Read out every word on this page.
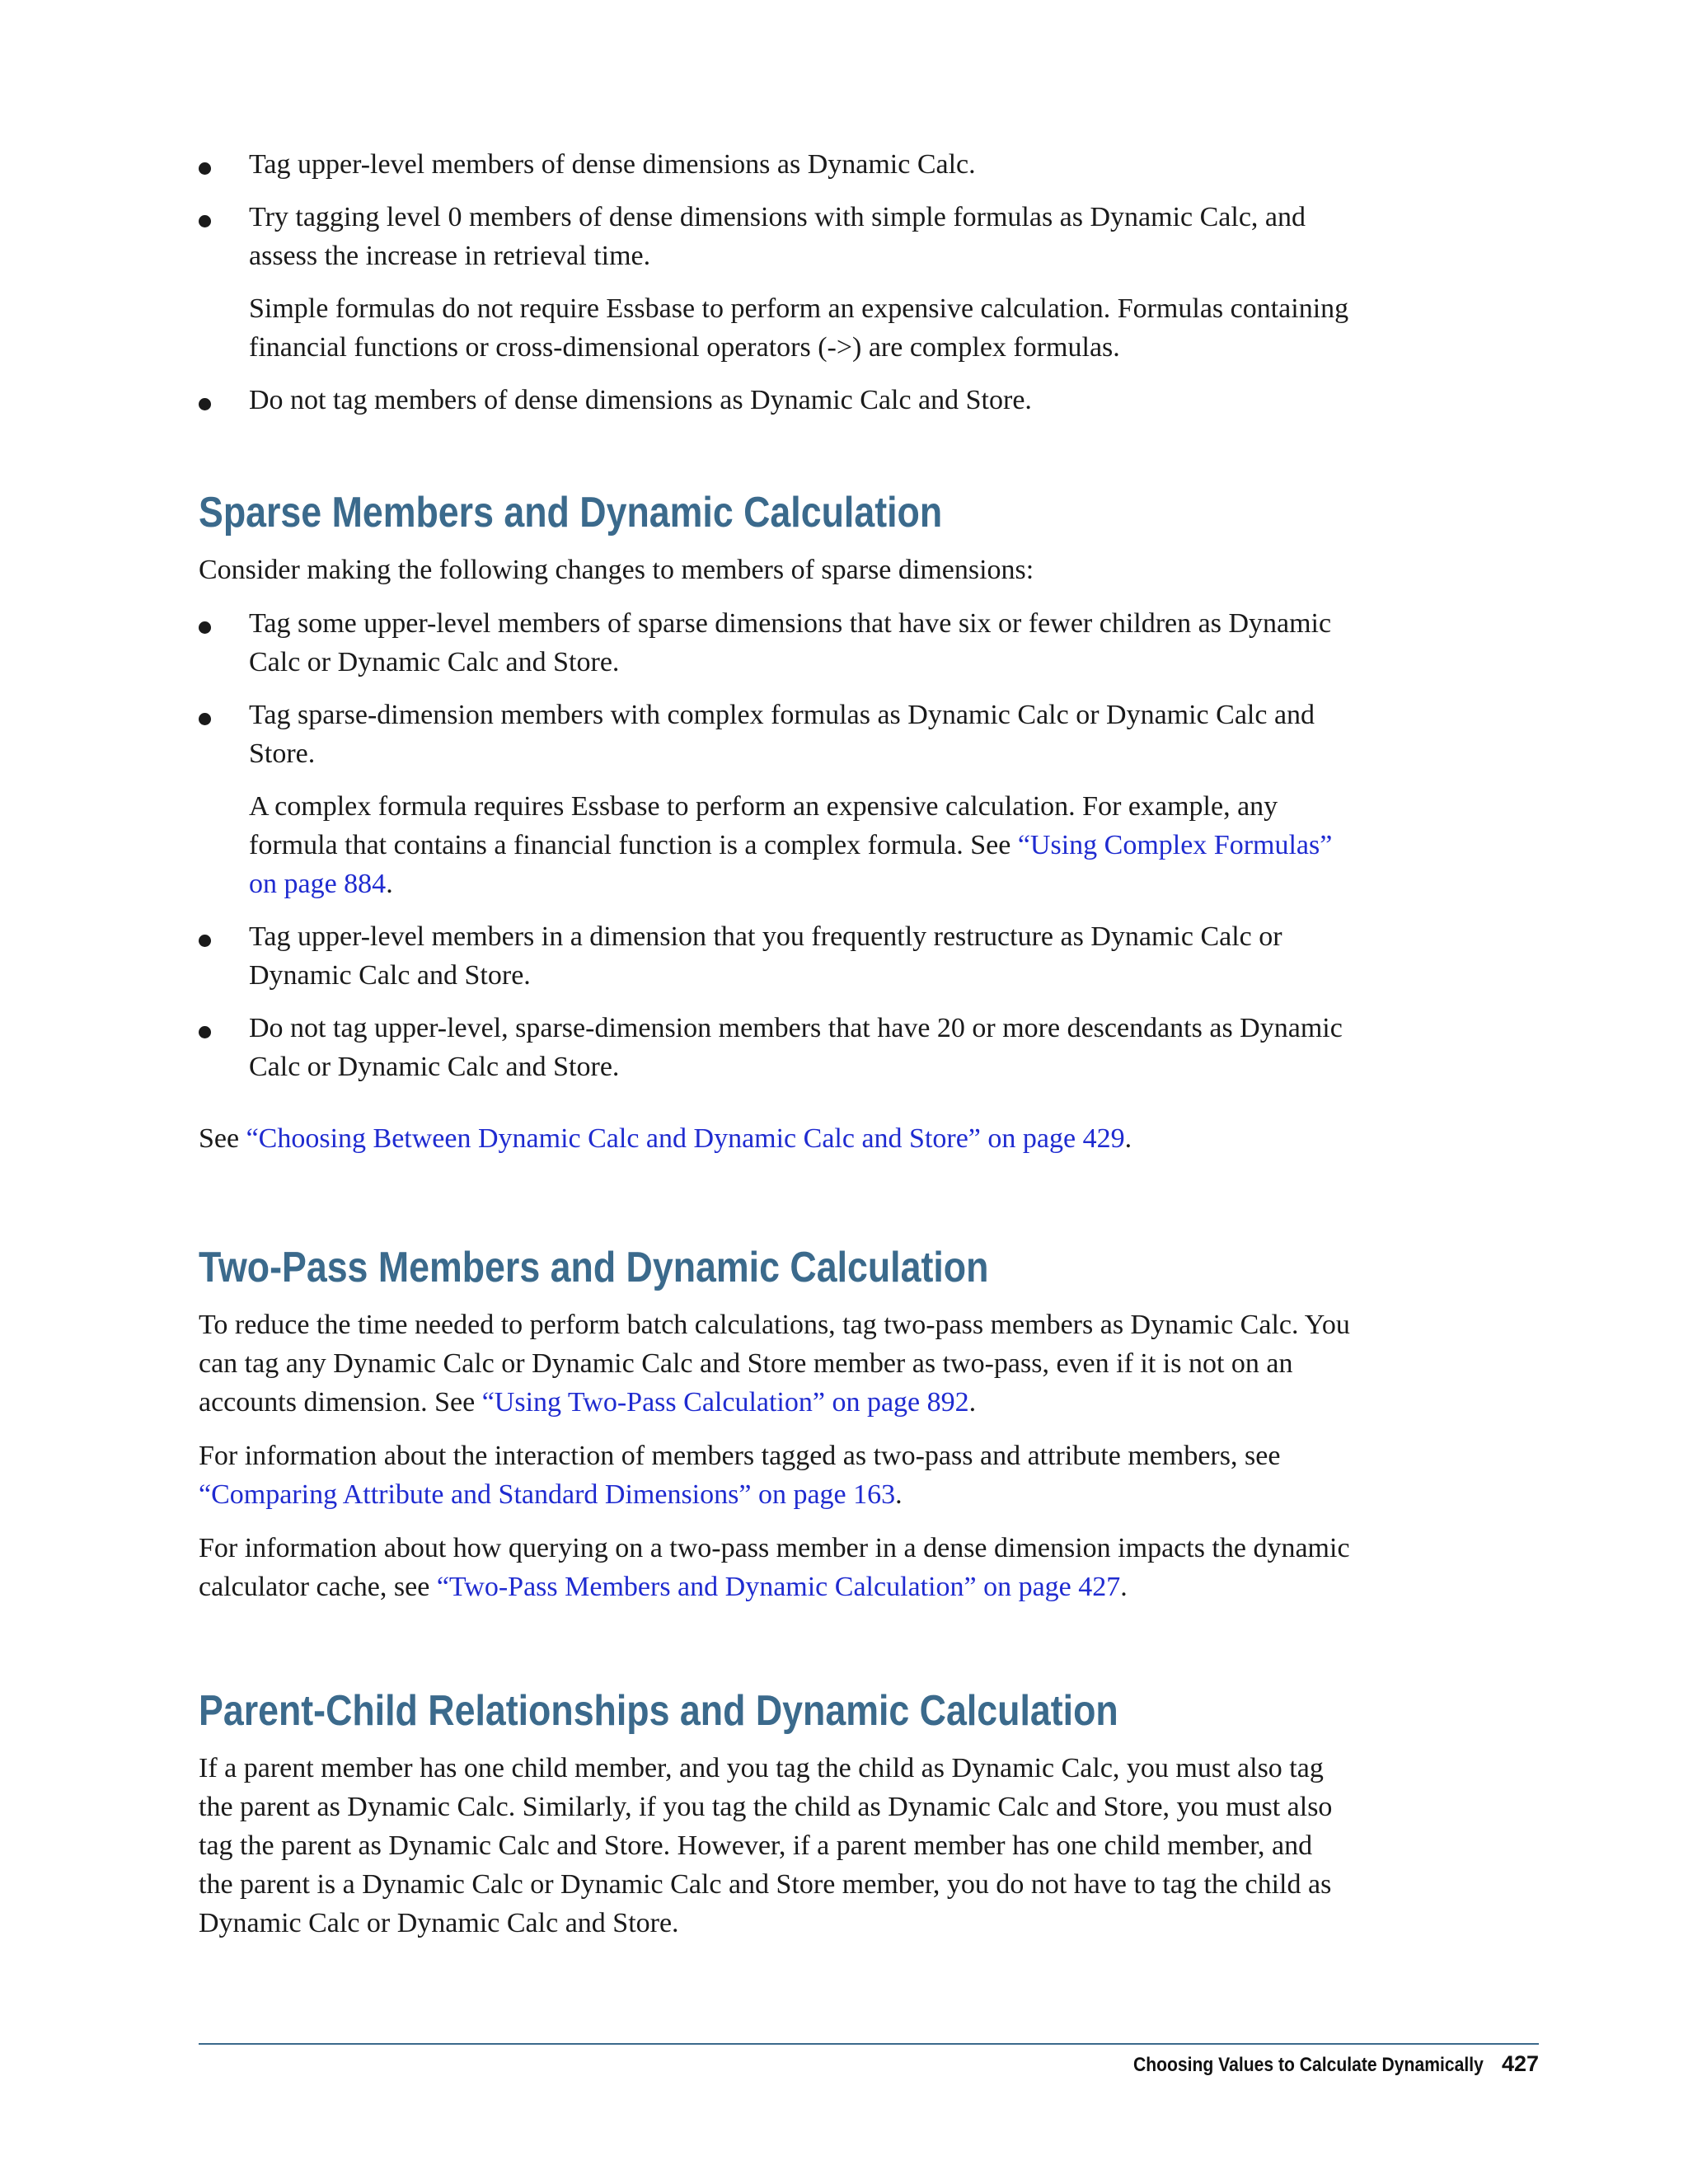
Tag upper-level members of dense dimensions as Dynamic Calc.

Try tagging level 0 members of dense dimensions with simple formulas as Dynamic Calc, and assess the increase in retrieval time.

Simple formulas do not require Essbase to perform an expensive calculation. Formulas containing financial functions or cross-dimensional operators (->) are complex formulas.

Do not tag members of dense dimensions as Dynamic Calc and Store.

Sparse Members and Dynamic Calculation

Consider making the following changes to members of sparse dimensions:

Tag some upper-level members of sparse dimensions that have six or fewer children as Dynamic Calc or Dynamic Calc and Store.

Tag sparse-dimension members with complex formulas as Dynamic Calc or Dynamic Calc and Store.

A complex formula requires Essbase to perform an expensive calculation. For example, any formula that contains a financial function is a complex formula. See “Using Complex Formulas” on page 884.

Tag upper-level members in a dimension that you frequently restructure as Dynamic Calc or Dynamic Calc and Store.

Do not tag upper-level, sparse-dimension members that have 20 or more descendants as Dynamic Calc or Dynamic Calc and Store.

See “Choosing Between Dynamic Calc and Dynamic Calc and Store” on page 429.

Two-Pass Members and Dynamic Calculation

To reduce the time needed to perform batch calculations, tag two-pass members as Dynamic Calc. You can tag any Dynamic Calc or Dynamic Calc and Store member as two-pass, even if it is not on an accounts dimension. See “Using Two-Pass Calculation” on page 892.

For information about the interaction of members tagged as two-pass and attribute members, see “Comparing Attribute and Standard Dimensions” on page 163.

For information about how querying on a two-pass member in a dense dimension impacts the dynamic calculator cache, see “Two-Pass Members and Dynamic Calculation” on page 427.

Parent-Child Relationships and Dynamic Calculation

If a parent member has one child member, and you tag the child as Dynamic Calc, you must also tag the parent as Dynamic Calc. Similarly, if you tag the child as Dynamic Calc and Store, you must also tag the parent as Dynamic Calc and Store. However, if a parent member has one child member, and the parent is a Dynamic Calc or Dynamic Calc and Store member, you do not have to tag the child as Dynamic Calc or Dynamic Calc and Store.

Choosing Values to Calculate Dynamically 427
